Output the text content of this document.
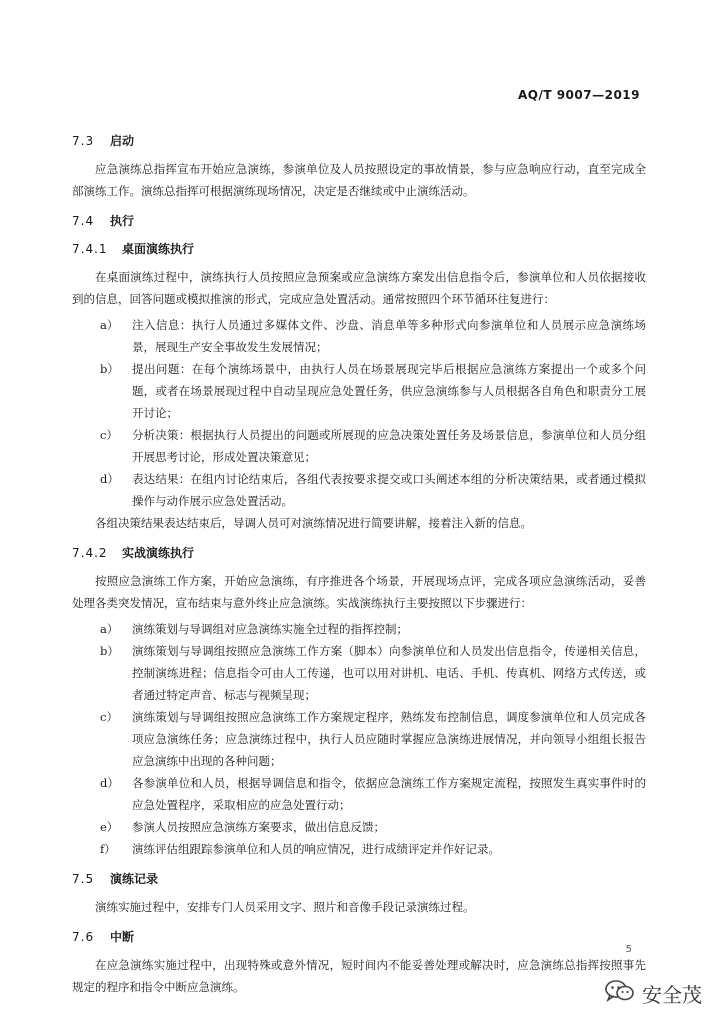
AQ/T 9007—2019
7.3	启动

应急演练总指挥宣布开始应急演练，参演单位及人员按照设定的事故情景，参与应急响应行动，直至完成全部演练工作。演练总指挥可根据演练现场情况，决定是否继续或中止演练活动。

7.4	执行
7.4.1	桌面演练执行

在桌面演练过程中，演练执行人员按照应急预案或应急演练方案发出信息指令后，参演单位和人员依据接收到的信息，回答问题或模拟推演的形式，完成应急处置活动。通常按照四个环节循环往复进行：

a）	注入信息：执行人员通过多媒体文件、沙盘、消息单等多种形式向参演单位和人员展示应急演练场景，展现生产安全事故发生发展情况；
b）	提出问题：在每个演练场景中，由执行人员在场景展现完毕后根据应急演练方案提出一个或多个问题，或者在场景展现过程中自动呈现应急处置任务，供应急演练参与人员根据各自角色和职责分工展开讨论；
c）	分析决策：根据执行人员提出的问题或所展现的应急决策处置任务及场景信息，参演单位和人员分组开展思考讨论，形成处置决策意见；
d）	表达结果：在组内讨论结束后，各组代表按要求提交或口头阐述本组的分析决策结果，或者通过模拟操作与动作展示应急处置活动。

各组决策结果表达结束后，导调人员可对演练情况进行简要讲解，接着注入新的信息。

7.4.2	实战演练执行

按照应急演练工作方案，开始应急演练，有序推进各个场景，开展现场点评，完成各项应急演练活动，妥善处理各类突发情况，宣布结束与意外终止应急演练。实战演练执行主要按照以下步骤进行：

a）	演练策划与导调组对应急演练实施全过程的指挥控制；
b）	演练策划与导调组按照应急演练工作方案（脚本）向参演单位和人员发出信息指令，传递相关信息，控制演练进程；信息指令可由人工传递，也可以用对讲机、电话、手机、传真机、网络方式传送，或者通过特定声音、标志与视频呈现；
c）	演练策划与导调组按照应急演练工作方案规定程序，熟练发布控制信息，调度参演单位和人员完成各项应急演练任务；应急演练过程中，执行人员应随时掌握应急演练进展情况，并向领导小组组长报告应急演练中出现的各种问题；
d）	各参演单位和人员，根据导调信息和指令，依据应急演练工作方案规定流程，按照发生真实事件时的应急处置程序，采取相应的应急处置行动；
e）	参演人员按照应急演练方案要求，做出信息反馈；
f）	演练评估组跟踪参演单位和人员的响应情况，进行成绩评定并作好记录。
7.5	演练记录

演练实施过程中，安排专门人员采用文字、照片和音像手段记录演练过程。

7.6	中断

在应急演练实施过程中，出现特殊或意外情况，短时间内不能妥善处理或解决时，应急演练总指挥按照事先规定的程序和指令中断应急演练。

5
安全茂
